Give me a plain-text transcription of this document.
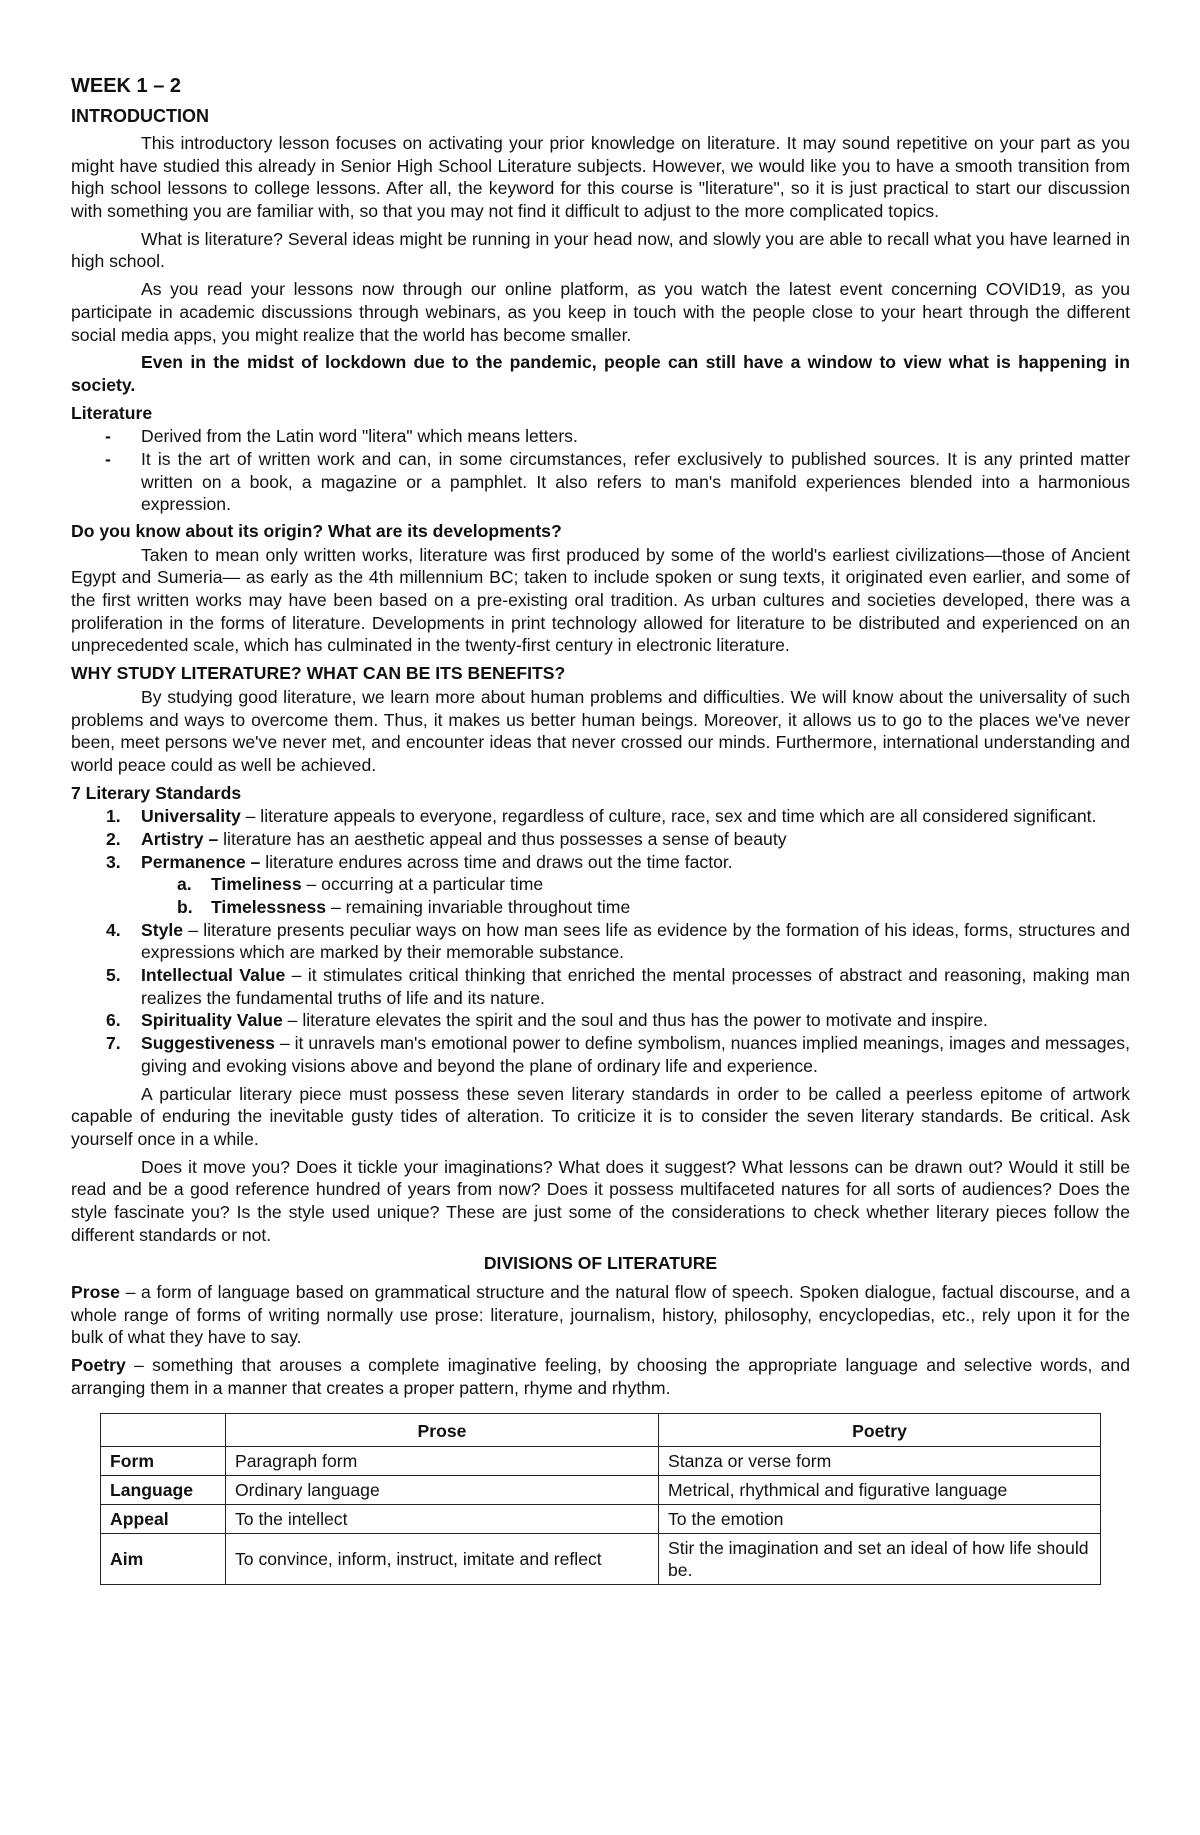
WEEK 1 – 2
INTRODUCTION

This introductory lesson focuses on activating your prior knowledge on literature. It may sound repetitive on your part as you might have studied this already in Senior High School Literature subjects. However, we would like you to have a smooth transition from high school lessons to college lessons. After all, the keyword for this course is "literature", so it is just practical to start our discussion with something you are familiar with, so that you may not find it difficult to adjust to the more complicated topics.

What is literature? Several ideas might be running in your head now, and slowly you are able to recall what you have learned in high school.

As you read your lessons now through our online platform, as you watch the latest event concerning COVID19, as you participate in academic discussions through webinars, as you keep in touch with the people close to your heart through the different social media apps, you might realize that the world has become smaller.

Even in the midst of lockdown due to the pandemic, people can still have a window to view what is happening in society.

Literature
- Derived from the Latin word "litera" which means letters.
- It is the art of written work and can, in some circumstances, refer exclusively to published sources. It is any printed matter written on a book, a magazine or a pamphlet. It also refers to man's manifold experiences blended into a harmonious expression.
Do you know about its origin? What are its developments?

Taken to mean only written works, literature was first produced by some of the world's earliest civilizations—those of Ancient Egypt and Sumeria— as early as the 4th millennium BC; taken to include spoken or sung texts, it originated even earlier, and some of the first written works may have been based on a pre-existing oral tradition. As urban cultures and societies developed, there was a proliferation in the forms of literature. Developments in print technology allowed for literature to be distributed and experienced on an unprecedented scale, which has culminated in the twenty-first century in electronic literature.

WHY STUDY LITERATURE? WHAT CAN BE ITS BENEFITS?

By studying good literature, we learn more about human problems and difficulties. We will know about the universality of such problems and ways to overcome them. Thus, it makes us better human beings. Moreover, it allows us to go to the places we've never been, meet persons we've never met, and encounter ideas that never crossed our minds. Furthermore, international understanding and world peace could as well be achieved.

7 Literary Standards
1. Universality – literature appeals to everyone, regardless of culture, race, sex and time which are all considered significant.
2. Artistry – literature has an aesthetic appeal and thus possesses a sense of beauty
3. Permanence – literature endures across time and draws out the time factor.
a. Timeliness – occurring at a particular time
b. Timelessness – remaining invariable throughout time
4. Style – literature presents peculiar ways on how man sees life as evidence by the formation of his ideas, forms, structures and expressions which are marked by their memorable substance.
5. Intellectual Value – it stimulates critical thinking that enriched the mental processes of abstract and reasoning, making man realizes the fundamental truths of life and its nature.
6. Spirituality Value – literature elevates the spirit and the soul and thus has the power to motivate and inspire.
7. Suggestiveness – it unravels man's emotional power to define symbolism, nuances implied meanings, images and messages, giving and evoking visions above and beyond the plane of ordinary life and experience.

A particular literary piece must possess these seven literary standards in order to be called a peerless epitome of artwork capable of enduring the inevitable gusty tides of alteration. To criticize it is to consider the seven literary standards. Be critical. Ask yourself once in a while.

Does it move you? Does it tickle your imaginations? What does it suggest? What lessons can be drawn out? Would it still be read and be a good reference hundred of years from now? Does it possess multifaceted natures for all sorts of audiences? Does the style fascinate you? Is the style used unique? These are just some of the considerations to check whether literary pieces follow the different standards or not.

DIVISIONS OF LITERATURE

Prose – a form of language based on grammatical structure and the natural flow of speech. Spoken dialogue, factual discourse, and a whole range of forms of writing normally use prose: literature, journalism, history, philosophy, encyclopedias, etc., rely upon it for the bulk of what they have to say.

Poetry – something that arouses a complete imaginative feeling, by choosing the appropriate language and selective words, and arranging them in a manner that creates a proper pattern, rhyme and rhythm.

	Prose	Poetry
Form	Paragraph form	Stanza or verse form
Language	Ordinary language	Metrical, rhythmical and figurative language
Appeal	To the intellect	To the emotion
Aim	To convince, inform, instruct, imitate and reflect	Stir the imagination and set an ideal of how life should be.
